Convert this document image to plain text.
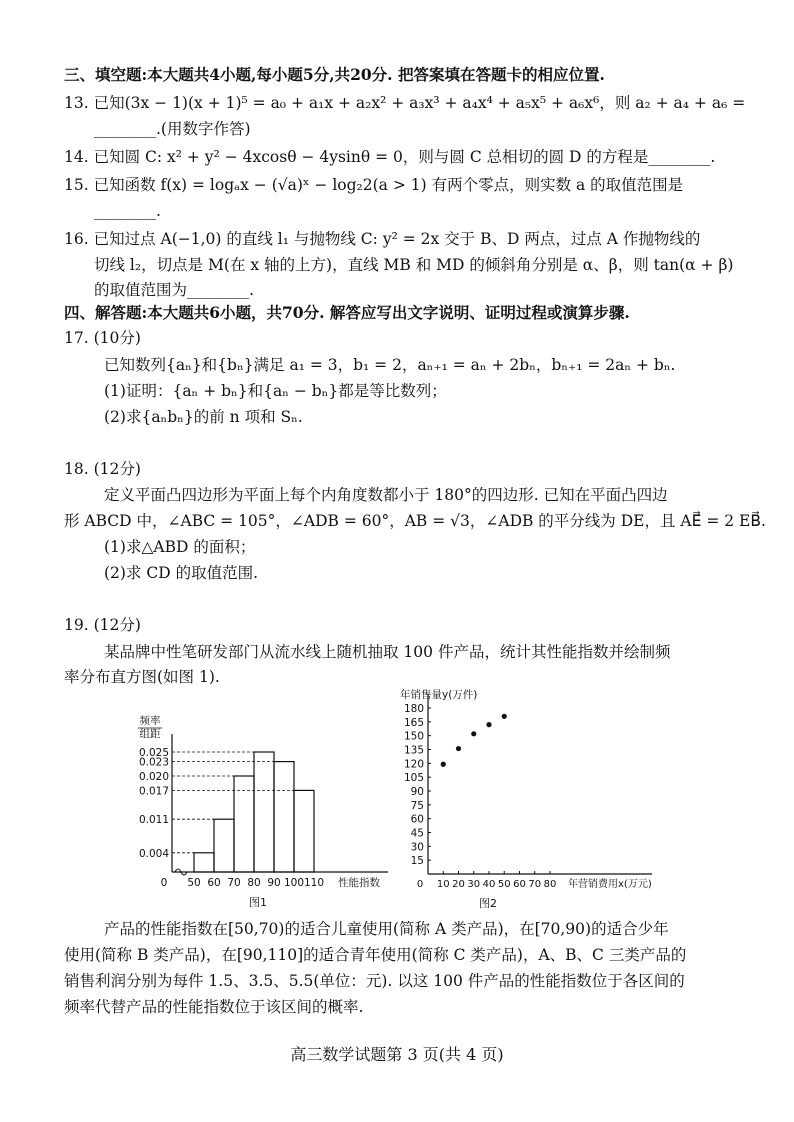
三、填空题:本大题共4小题,每小题5分,共20分. 把答案填在答题卡的相应位置.
13. 已知(3x − 1)(x + 1)⁵ = a₀ + a₁x + a₂x² + a₃x³ + a₄x⁴ + a₅x⁵ + a₆x⁶，则 a₂ + a₄ + a₆ =
________.(用数字作答)
14. 已知圆 C: x² + y² − 4xcosθ − 4ysinθ = 0，则与圆 C 总相切的圆 D 的方程是________.
15. 已知函数 f(x) = logₐx − (√a)ˣ − log₂2(a > 1) 有两个零点，则实数 a 的取值范围是
________.
16. 已知过点 A(−1,0) 的直线 l₁ 与抛物线 C: y² = 2x 交于 B、D 两点，过点 A 作抛物线的
切线 l₂，切点是 M(在 x 轴的上方)，直线 MB 和 MD 的倾斜角分别是 α、β，则 tan(α + β)
的取值范围为________.
四、解答题:本大题共6小题，共70分. 解答应写出文字说明、证明过程或演算步骤.
17. (10分)
已知数列{aₙ}和{bₙ}满足 a₁ = 3，b₁ = 2，aₙ₊₁ = aₙ + 2bₙ，bₙ₊₁ = 2aₙ + bₙ.
(1)证明：{aₙ + bₙ}和{aₙ − bₙ}都是等比数列；
(2)求{aₙbₙ}的前 n 项和 Sₙ.
18. (12分)
定义平面凸四边形为平面上每个内角度数都小于 180°的四边形. 已知在平面凸四边
形 ABCD 中，∠ABC = 105°，∠ADB = 60°，AB = √3，∠ADB 的平分线为 DE，且 AE⃗ = 2 EB⃗.
(1)求△ABD 的面积；
(2)求 CD 的取值范围.
19. (12分)
某品牌中性笔研发部门从流水线上随机抽取 100 件产品，统计其性能指数并绘制频
率分布直方图(如图 1).
0.004
0.011
0.017
0.020
0.023
0.025
0 50 60 70 80 90 100 110
频率组距
性能指数
图1
15
30
45
60
75
90
105
120
135
150
165
180
0 10 20 30 40 50 60 70 80
年销售量y(万件)
年营销费用x(万元)
图2
产品的性能指数在[50,70)的适合儿童使用(简称 A 类产品)，在[70,90)的适合少年
使用(简称 B 类产品)，在[90,110]的适合青年使用(简称 C 类产品)，A、B、C 三类产品的
销售利润分别为每件 1.5、3.5、5.5(单位：元). 以这 100 件产品的性能指数位于各区间的
频率代替产品的性能指数位于该区间的概率.
高三数学试题第 3 页(共 4 页)
